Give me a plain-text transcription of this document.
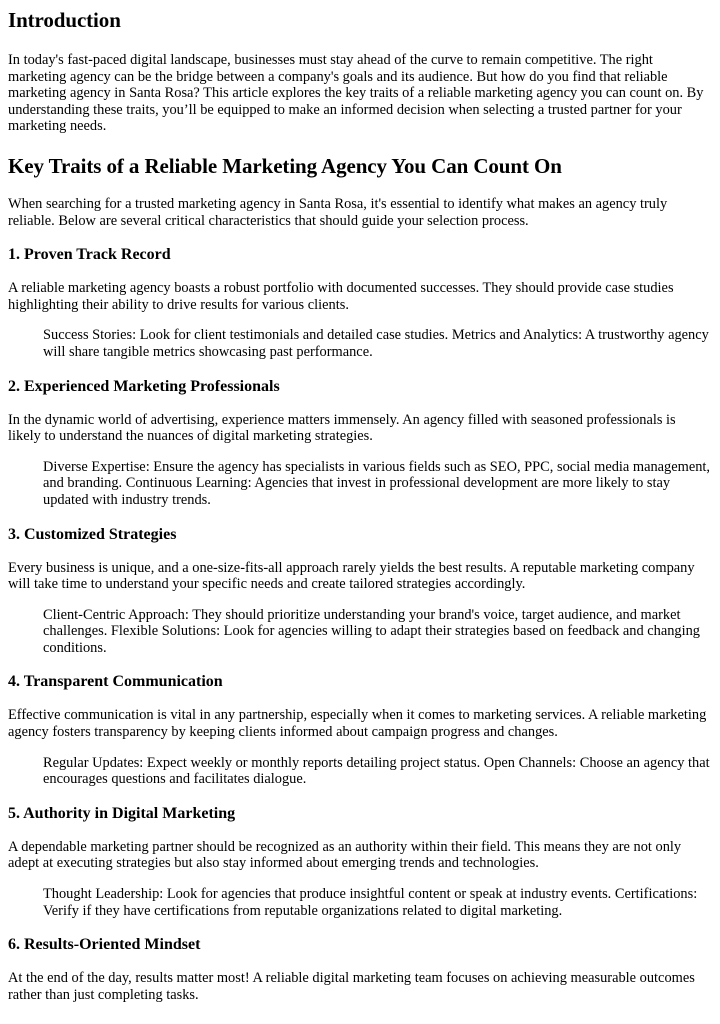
Introduction

In today's fast-paced digital landscape, businesses must stay ahead of the curve to remain competitive. The right marketing agency can be the bridge between a company's goals and its audience. But how do you find that reliable marketing agency in Santa Rosa? This article explores the key traits of a reliable marketing agency you can count on. By understanding these traits, you’ll be equipped to make an informed decision when selecting a trusted partner for your marketing needs.

Key Traits of a Reliable Marketing Agency You Can Count On

When searching for a trusted marketing agency in Santa Rosa, it's essential to identify what makes an agency truly reliable. Below are several critical characteristics that should guide your selection process.

1. Proven Track Record

A reliable marketing agency boasts a robust portfolio with documented successes. They should provide case studies highlighting their ability to drive results for various clients.

Success Stories: Look for client testimonials and detailed case studies. Metrics and Analytics: A trustworthy agency will share tangible metrics showcasing past performance.
2. Experienced Marketing Professionals

In the dynamic world of advertising, experience matters immensely. An agency filled with seasoned professionals is likely to understand the nuances of digital marketing strategies.

Diverse Expertise: Ensure the agency has specialists in various fields such as SEO, PPC, social media management, and branding. Continuous Learning: Agencies that invest in professional development are more likely to stay updated with industry trends.
3. Customized Strategies

Every business is unique, and a one-size-fits-all approach rarely yields the best results. A reputable marketing company will take time to understand your specific needs and create tailored strategies accordingly.

Client-Centric Approach: They should prioritize understanding your brand's voice, target audience, and market challenges. Flexible Solutions: Look for agencies willing to adapt their strategies based on feedback and changing conditions.
4. Transparent Communication

Effective communication is vital in any partnership, especially when it comes to marketing services. A reliable marketing agency fosters transparency by keeping clients informed about campaign progress and changes.

Regular Updates: Expect weekly or monthly reports detailing project status. Open Channels: Choose an agency that encourages questions and facilitates dialogue.
5. Authority in Digital Marketing

A dependable marketing partner should be recognized as an authority within their field. This means they are not only adept at executing strategies but also stay informed about emerging trends and technologies.

Thought Leadership: Look for agencies that produce insightful content or speak at industry events. Certifications: Verify if they have certifications from reputable organizations related to digital marketing.
6. Results-Oriented Mindset

At the end of the day, results matter most! A reliable digital marketing team focuses on achieving measurable outcomes rather than just completing tasks.
